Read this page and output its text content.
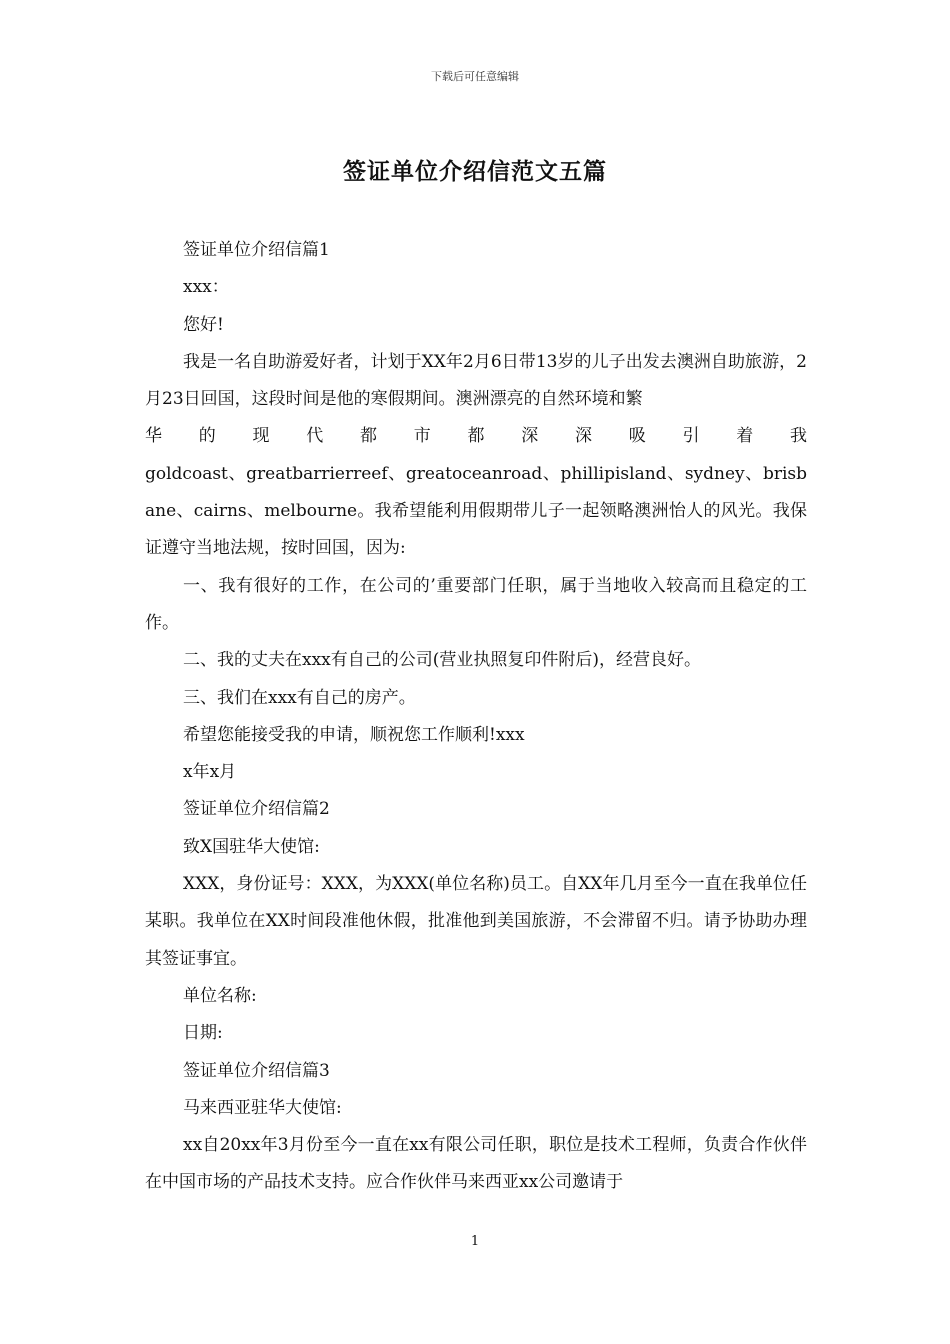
下载后可任意编辑
签证单位介绍信范文五篇

签证单位介绍信篇1

xxx：

您好!

我是一名自助游爱好者，计划于XX年2月6日带13岁的儿子出发去澳洲自助旅游，2月23日回国，这段时间是他的寒假期间。澳洲漂亮的自然环境和繁

华 的 现 代 都 市 都 深 深 吸 引 着 我

goldcoast、greatbarrierreef、greatoceanroad、phillipisland、sydney、brisbane、cairns、melbourne。我希望能利用假期带儿子一起领略澳洲怡人的风光。我保证遵守当地法规，按时回国，因为:

一、我有很好的工作，在公司的’重要部门任职，属于当地收入较高而且稳定的工作。

二、我的丈夫在xxx有自己的公司(营业执照复印件附后)，经营良好。

三、我们在xxx有自己的房产。

希望您能接受我的申请，顺祝您工作顺利!xxx

x年x月

签证单位介绍信篇2

致X国驻华大使馆:

XXX，身份证号：XXX，为XXX(单位名称)员工。自XX年几月至今一直在我单位任某职。我单位在XX时间段准他休假，批准他到美国旅游，不会滞留不归。请予协助办理其签证事宜。

单位名称:

日期:

签证单位介绍信篇3

马来西亚驻华大使馆:

xx自20xx年3月份至今一直在xx有限公司任职，职位是技术工程师，负责合作伙伴在中国市场的产品技术支持。应合作伙伴马来西亚xx公司邀请于

1
